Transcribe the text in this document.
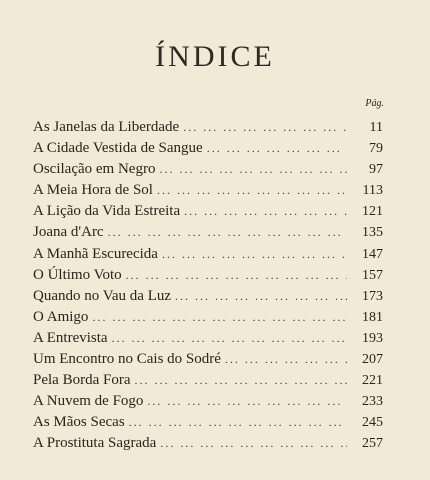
ÍNDICE
Pág.
As Janelas da Liberdade ... .	11
A Cidade Vestida de Sangue ... .	79
Oscilação em Negro ... .	97
A Meia Hora de Sol ... .	113
A Lição da Vida Estreita ... .	121
Joana d'Arc ... .	135
A Manhã Escurecida ... .	147
O Último Voto ... .	157
Quando no Vau da Luz ... .	173
O Amigo ... .	181
A Entrevista ... .	193
Um Encontro no Cais do Sodré ... .	207
Pela Borda Fora ... .	221
A Nuvem de Fogo ... .	233
As Mãos Secas ... .	245
A Prostituta Sagrada ... .	257
